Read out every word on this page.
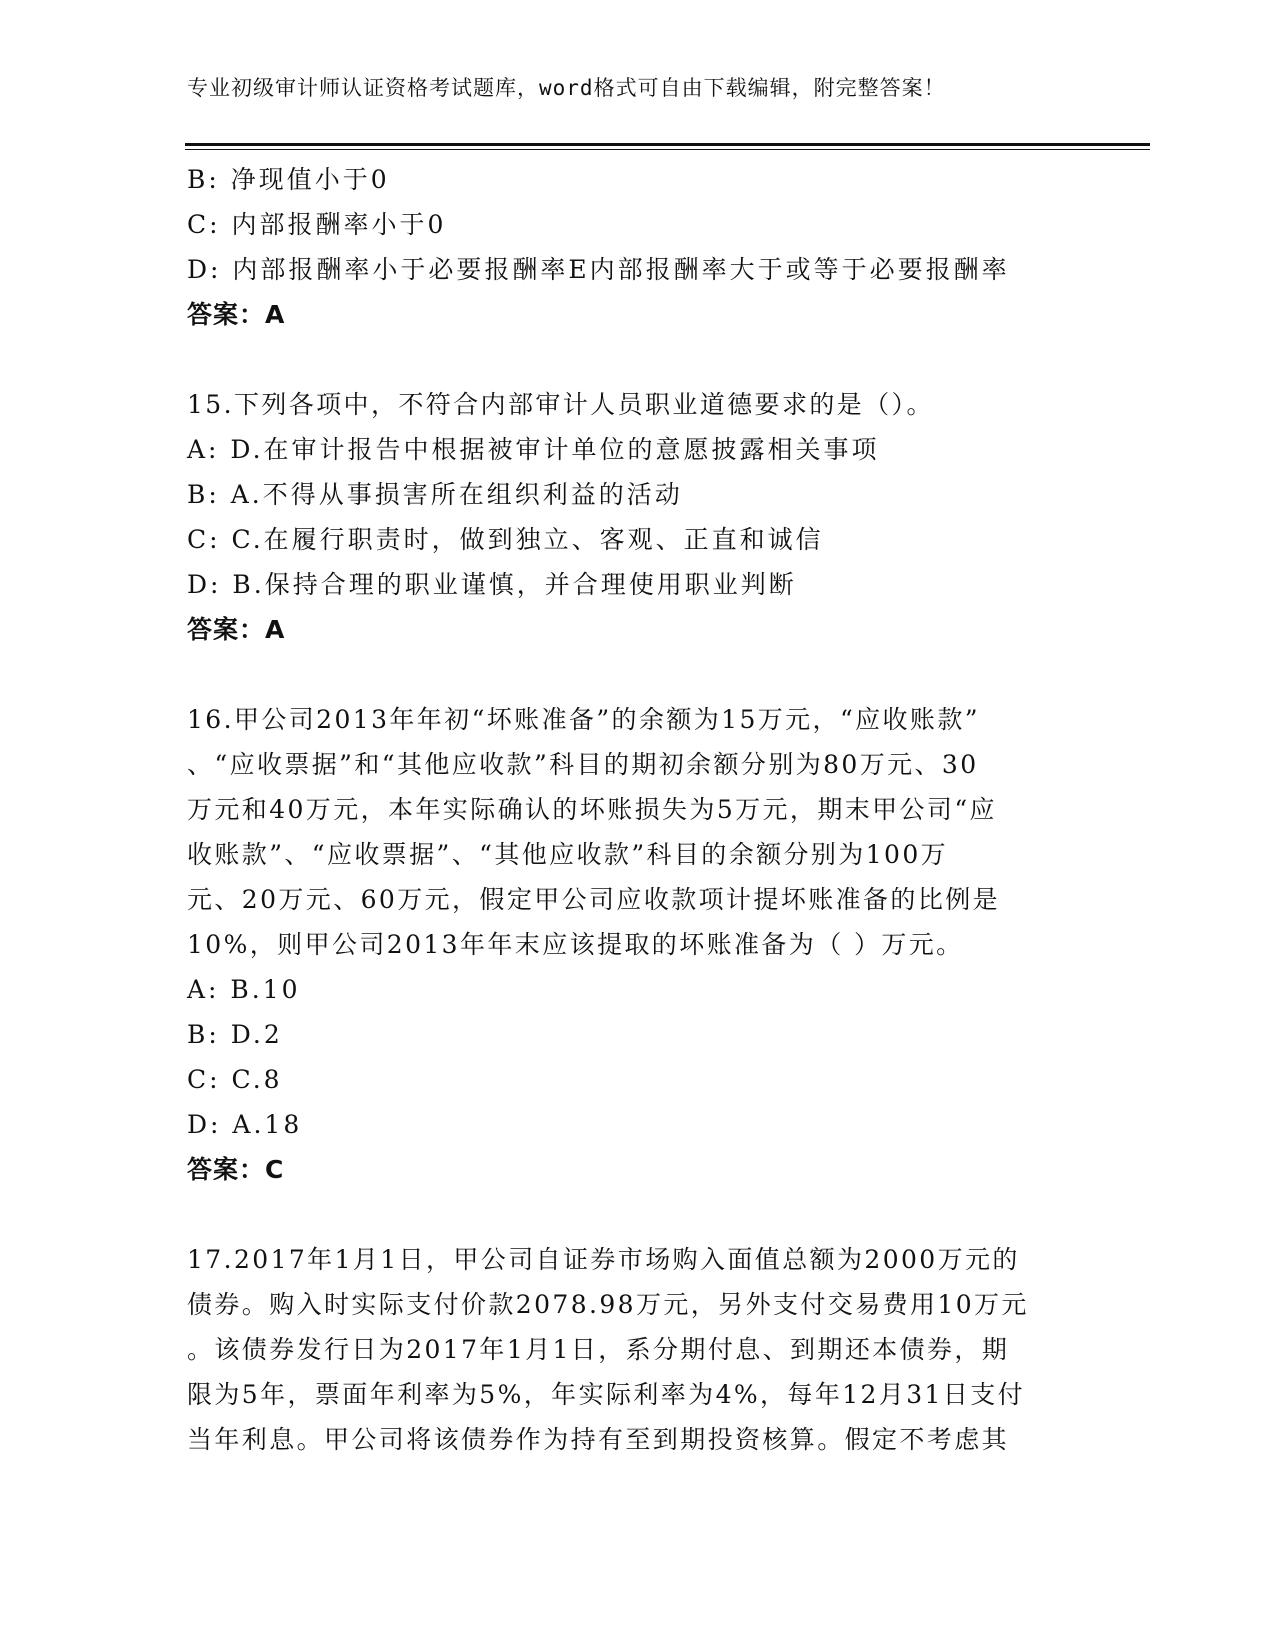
专业初级审计师认证资格考试题库，word格式可自由下载编辑，附完整答案！
B: 净现值小于0
C: 内部报酬率小于0
D: 内部报酬率小于必要报酬率E内部报酬率大于或等于必要报酬率
答案：A
15.下列各项中，不符合内部审计人员职业道德要求的是（）。
A: D.在审计报告中根据被审计单位的意愿披露相关事项
B: A.不得从事损害所在组织利益的活动
C: C.在履行职责时，做到独立、客观、正直和诚信
D: B.保持合理的职业谨慎，并合理使用职业判断
答案：A
16.甲公司2013年年初“坏账准备”的余额为15万元，“应收账款”
、“应收票据”和“其他应收款”科目的期初余额分别为80万元、30
万元和40万元，本年实际确认的坏账损失为5万元，期末甲公司“应
收账款”、“应收票据”、“其他应收款”科目的余额分别为100万
元、20万元、60万元，假定甲公司应收款项计提坏账准备的比例是
10%，则甲公司2013年年末应该提取的坏账准备为（ ）万元。
A: B.10
B: D.2
C: C.8
D: A.18
答案：C
17.2017年1月1日，甲公司自证券市场购入面值总额为2000万元的
债券。购入时实际支付价款2078.98万元，另外支付交易费用10万元
。该债券发行日为2017年1月1日，系分期付息、到期还本债券，期
限为5年，票面年利率为5%，年实际利率为4%，每年12月31日支付
当年利息。甲公司将该债券作为持有至到期投资核算。假定不考虑其
